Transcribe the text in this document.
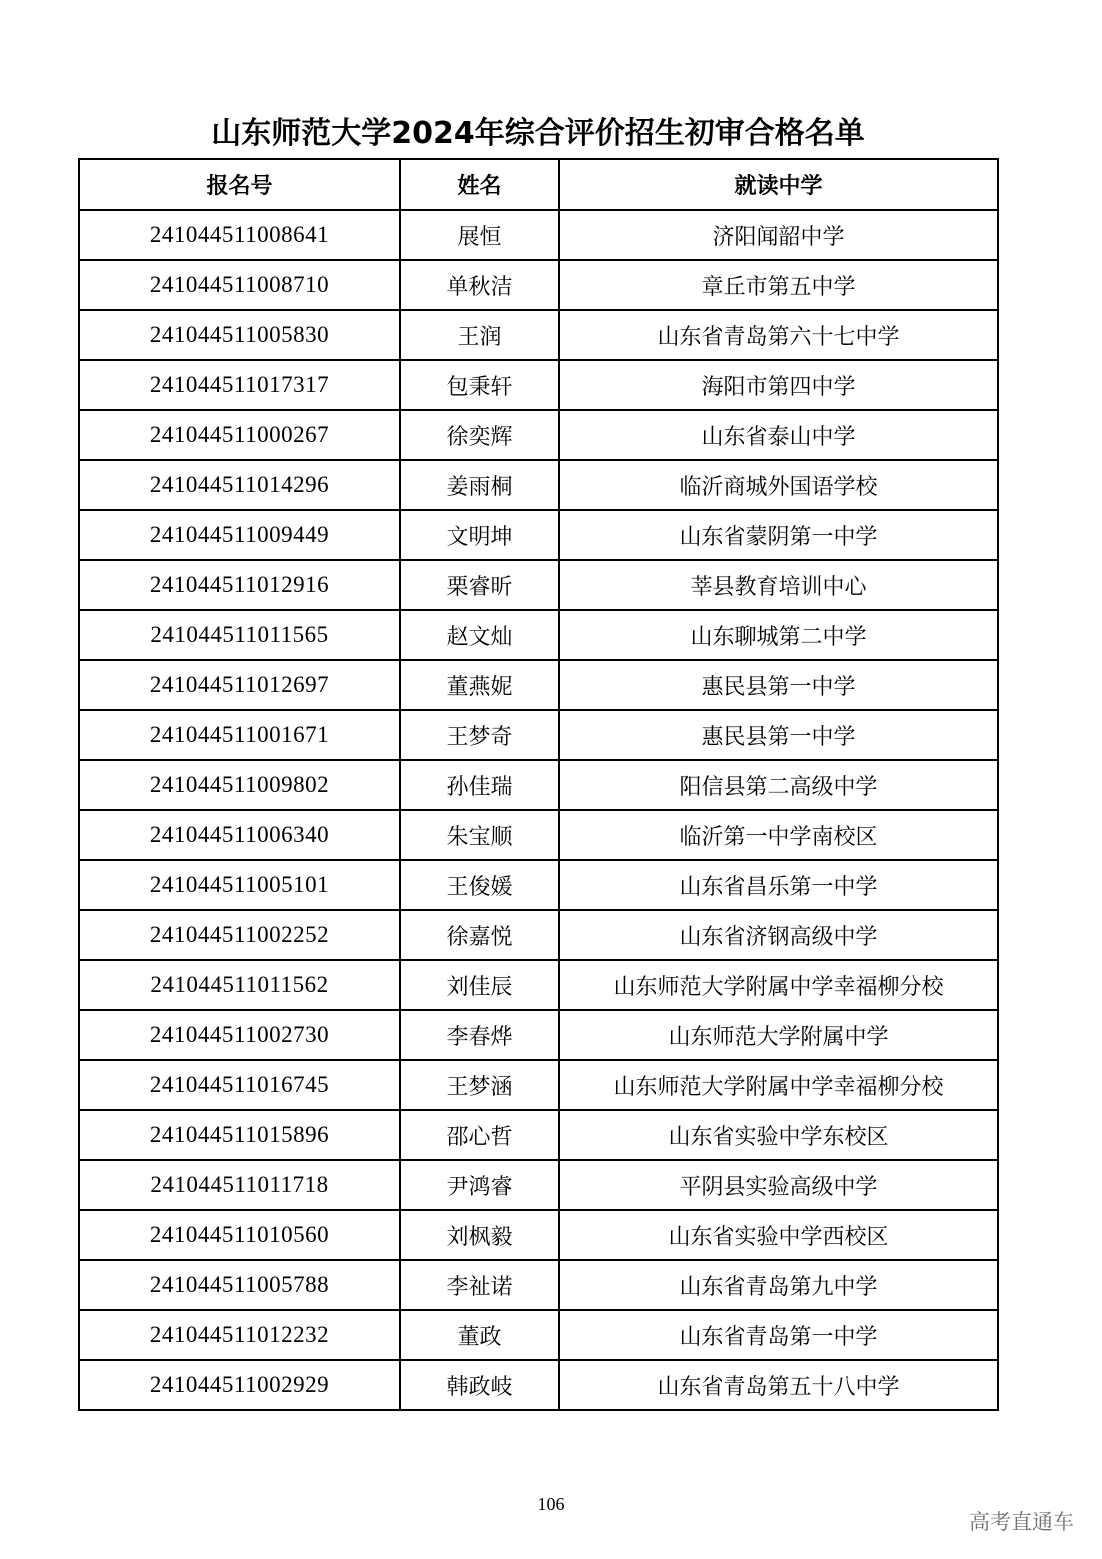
山东师范大学2024年综合评价招生初审合格名单
报名号	姓名	就读中学
241044511008641	展恒	济阳闻韶中学
241044511008710	单秋洁	章丘市第五中学
241044511005830	王润	山东省青岛第六十七中学
241044511017317	包秉轩	海阳市第四中学
241044511000267	徐奕辉	山东省泰山中学
241044511014296	姜雨桐	临沂商城外国语学校
241044511009449	文明坤	山东省蒙阴第一中学
241044511012916	栗睿昕	莘县教育培训中心
241044511011565	赵文灿	山东聊城第二中学
241044511012697	董燕妮	惠民县第一中学
241044511001671	王梦奇	惠民县第一中学
241044511009802	孙佳瑞	阳信县第二高级中学
241044511006340	朱宝顺	临沂第一中学南校区
241044511005101	王俊媛	山东省昌乐第一中学
241044511002252	徐嘉悦	山东省济钢高级中学
241044511011562	刘佳辰	山东师范大学附属中学幸福柳分校
241044511002730	李春烨	山东师范大学附属中学
241044511016745	王梦涵	山东师范大学附属中学幸福柳分校
241044511015896	邵心哲	山东省实验中学东校区
241044511011718	尹鸿睿	平阴县实验高级中学
241044511010560	刘枫毅	山东省实验中学西校区
241044511005788	李祉诺	山东省青岛第九中学
241044511012232	董政	山东省青岛第一中学
241044511002929	韩政岐	山东省青岛第五十八中学
106
高考直通车
